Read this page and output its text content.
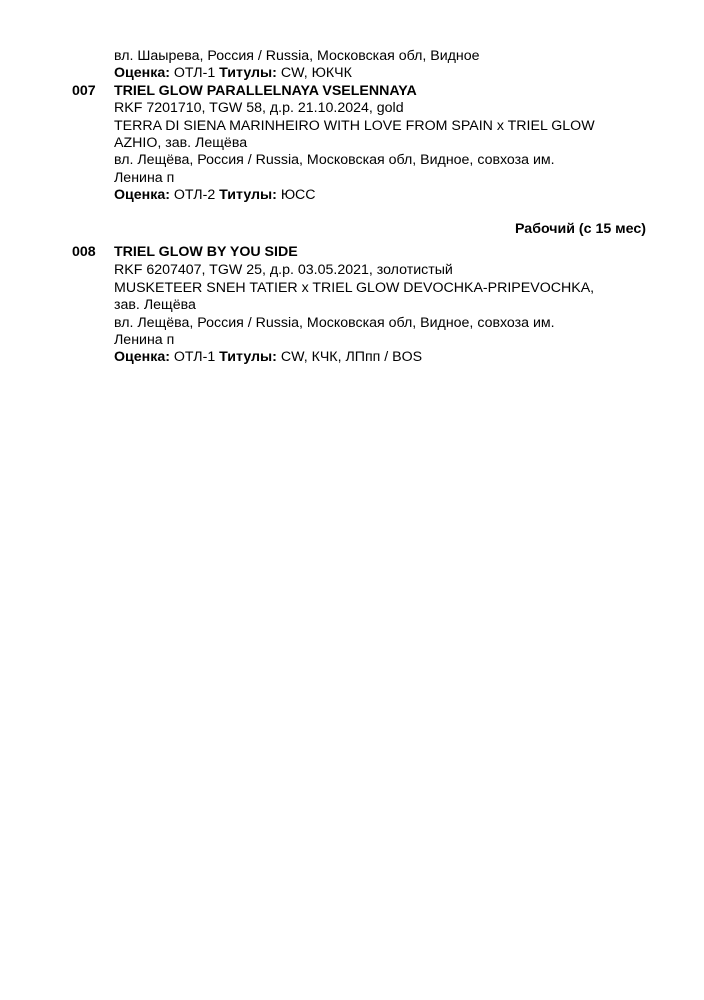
вл. Шаырева, Россия / Russia, Московская обл, Видное
Оценка: ОТЛ-1 Титулы: CW, ЮКЧК
007 TRIEL GLOW PARALLELNAYA VSELENNAYA
RKF 7201710, TGW 58, д.р. 21.10.2024, gold
TERRA DI SIENA MARINHEIRO WITH LOVE FROM SPAIN x TRIEL GLOW
AZHIO, зав. Лещёва
вл. Лещёва, Россия / Russia, Московская обл, Видное, совхоза им.
Ленина п
Оценка: ОТЛ-2 Титулы: ЮСС
Рабочий (с 15 мес)
008 TRIEL GLOW BY YOU SIDE
RKF 6207407, TGW 25, д.р. 03.05.2021, золотистый
MUSKETEER SNEH TATIER x TRIEL GLOW DEVOCHKA-PRIPEVOCHKA,
зав. Лещёва
вл. Лещёва, Россия / Russia, Московская обл, Видное, совхоза им.
Ленина п
Оценка: ОТЛ-1 Титулы: CW, КЧК, ЛПпп / BOS
